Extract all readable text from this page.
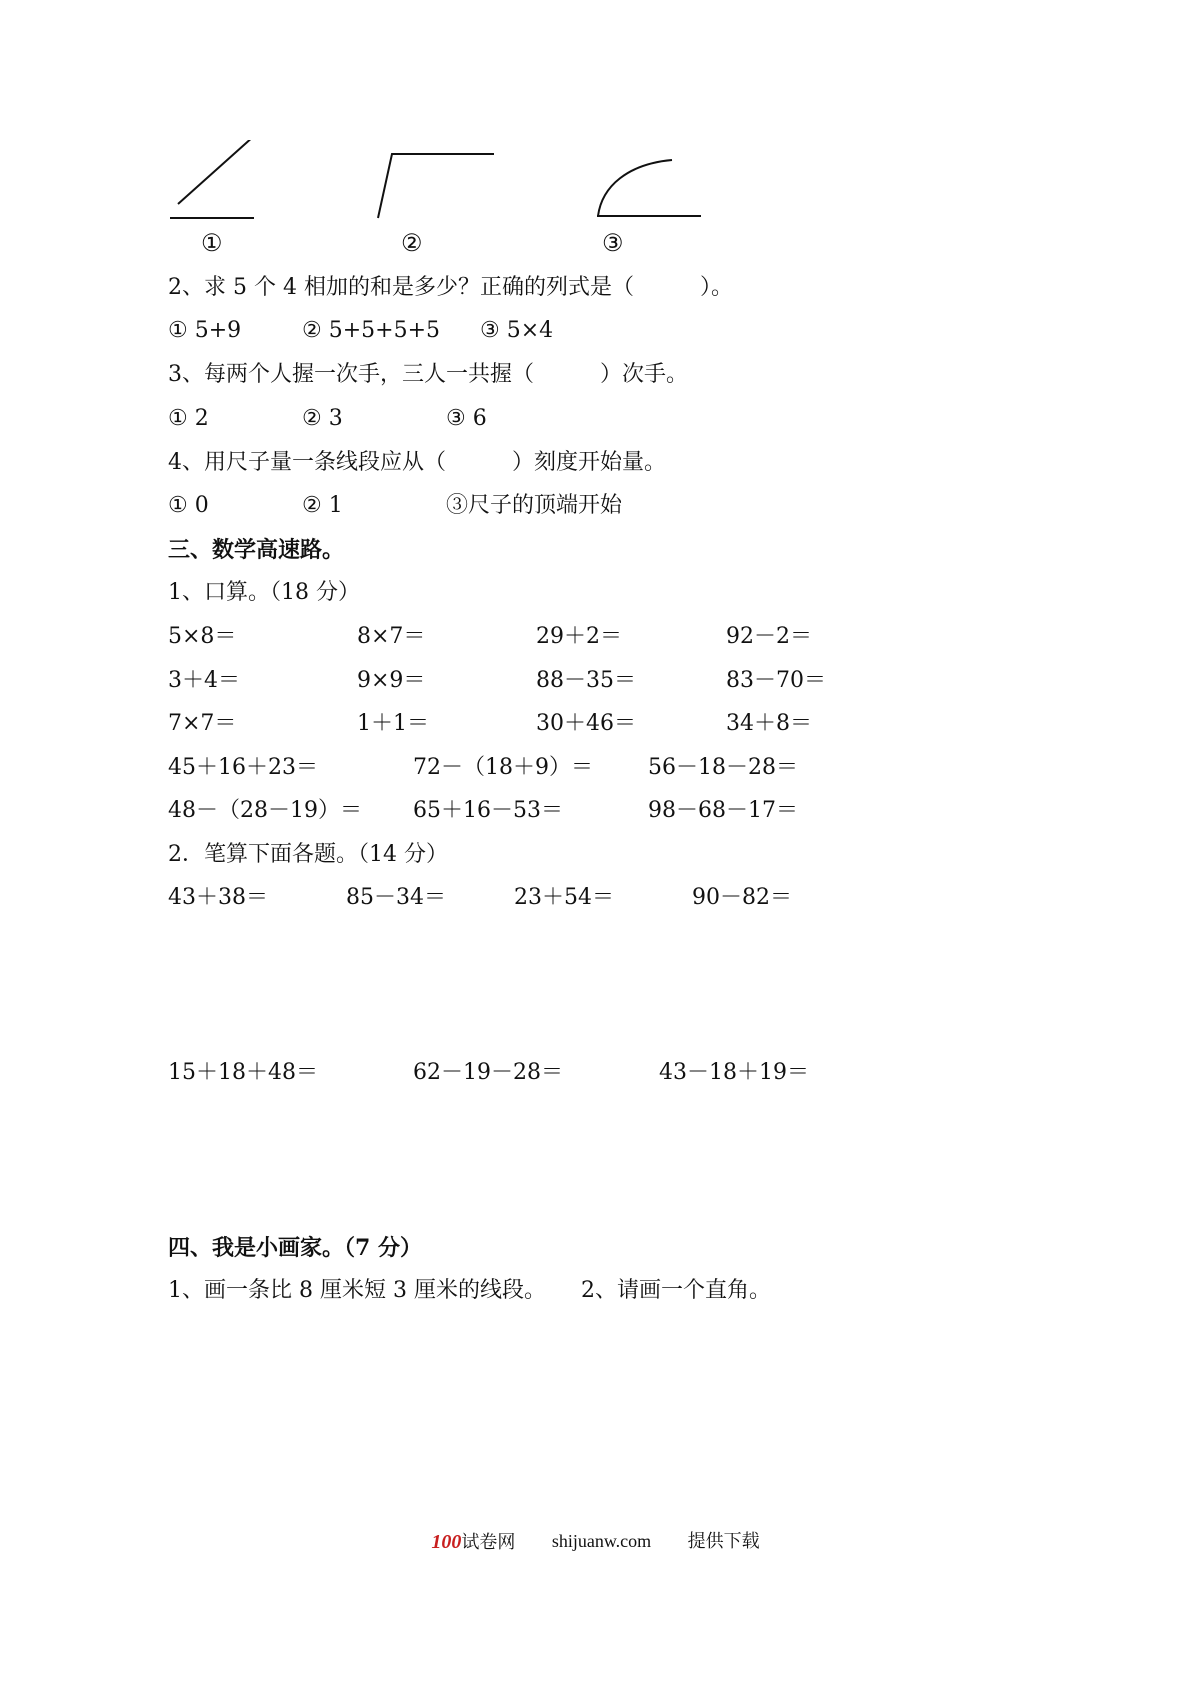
①	②	③
2、求 5 个 4 相加的和是多少？正确的列式是（　　　）。
① 5+9	② 5+5+5+5 ③ 5×4
3、每两个人握一次手，三人一共握（　　　）次手。
① 2	② 3	③ 6
4、用尺子量一条线段应从（　　　）刻度开始量。
① 0	② 1	③尺子的顶端开始
三、数学高速路。
1、口算。（18 分）
5×8＝	8×7＝	29＋2＝	92－2＝
3＋4＝	9×9＝	88－35＝	83－70＝
7×7＝	1＋1＝	30＋46＝	34＋8＝
45＋16＋23＝	72－（18＋9）＝	56－18－28＝
48－（28－19）＝ 65＋16－53＝	98－68－17＝
2．笔算下面各题。（14 分）
43＋38＝	85－34＝	23＋54＝	90－82＝
15＋18＋48＝	62－19－28＝	43－18＋19＝
四、我是小画家。（7 分）
1、画一条比 8 厘米短 3 厘米的线段。 2、请画一个直角。
100试卷网 shijuanw.com 提供下载
